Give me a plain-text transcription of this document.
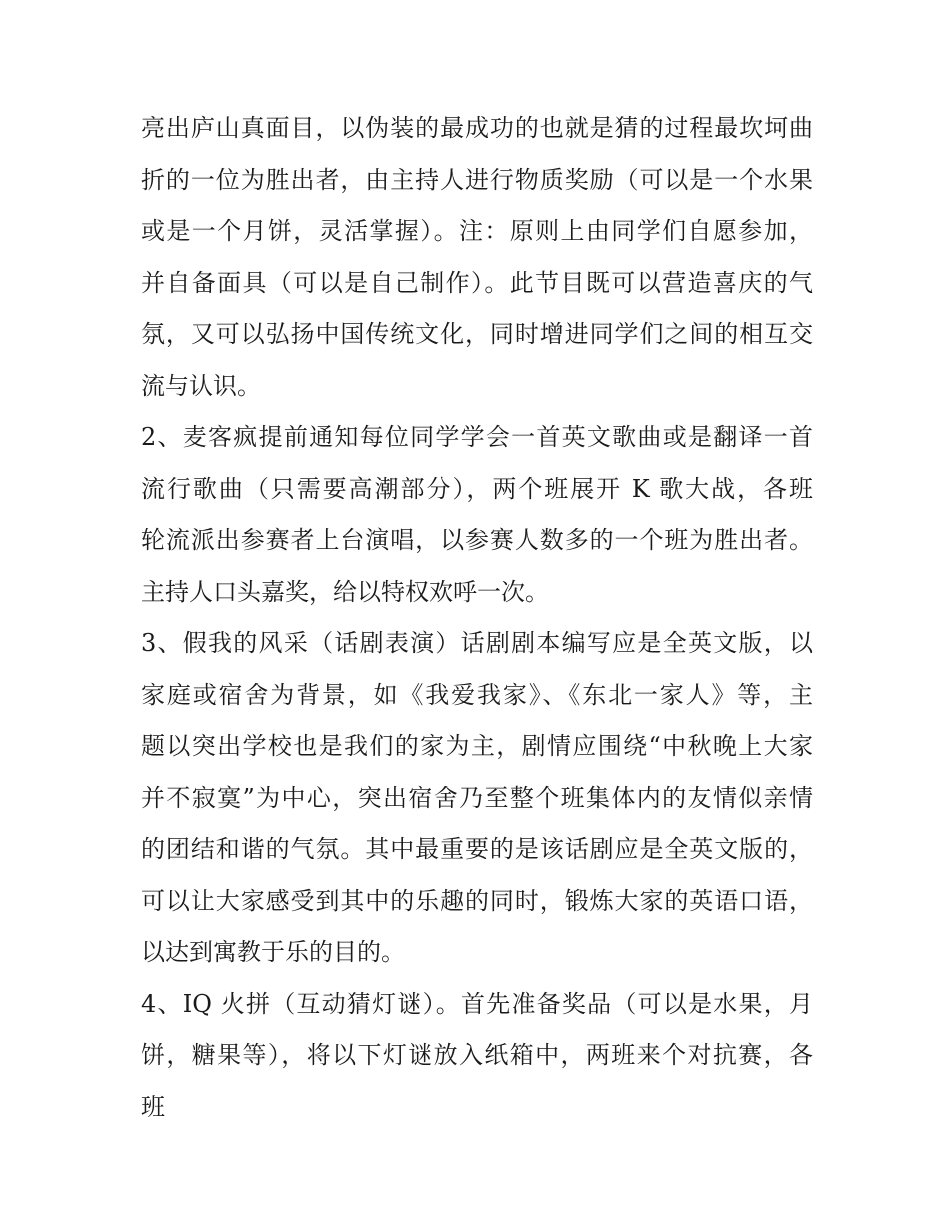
亮出庐山真面目，以伪装的最成功的也就是猜的过程最坎坷曲
折的一位为胜出者，由主持人进行物质奖励（可以是一个水果
或是一个月饼，灵活掌握）。注：原则上由同学们自愿参加，
并自备面具（可以是自己制作）。此节目既可以营造喜庆的气
氛，又可以弘扬中国传统文化，同时增进同学们之间的相互交
流与认识。
2、麦客疯提前通知每位同学学会一首英文歌曲或是翻译一首
流行歌曲（只需要高潮部分），两个班展开 K 歌大战，各班
轮流派出参赛者上台演唱，以参赛人数多的一个班为胜出者。
主持人口头嘉奖，给以特权欢呼一次。
3、假我的风采（话剧表演）话剧剧本编写应是全英文版，以
家庭或宿舍为背景，如《我爱我家》、《东北一家人》等，主
题以突出学校也是我们的家为主，剧情应围绕“中秋晚上大家
并不寂寞”为中心，突出宿舍乃至整个班集体内的友情似亲情
的团结和谐的气氛。其中最重要的是该话剧应是全英文版的，
可以让大家感受到其中的乐趣的同时，锻炼大家的英语口语，
以达到寓教于乐的目的。
4、IQ 火拼（互动猜灯谜）。首先准备奖品（可以是水果，月
饼，糖果等），将以下灯谜放入纸箱中，两班来个对抗赛，各
班
